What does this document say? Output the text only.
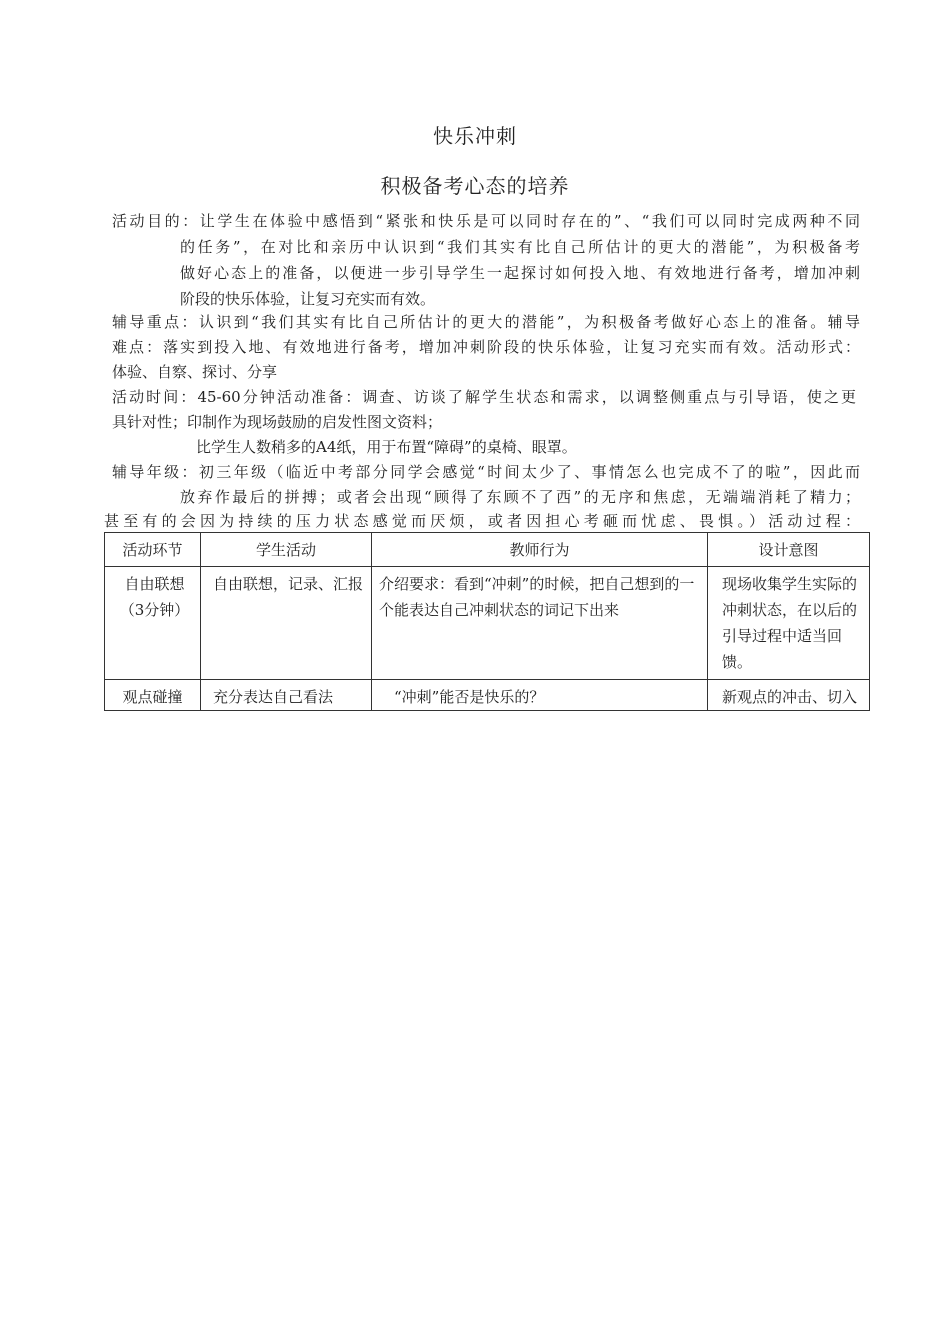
快乐冲刺
积极备考心态的培养
活动目的：让学生在体验中感悟到“紧张和快乐是可以同时存在的”、“我们可以同时完成两种不同
的任务”，在对比和亲历中认识到“我们其实有比自己所估计的更大的潜能”，为积极备考
做好心态上的准备，以便进一步引导学生一起探讨如何投入地、有效地进行备考，增加冲刺
阶段的快乐体验，让复习充实而有效。
辅导重点：认识到“我们其实有比自己所估计的更大的潜能”，为积极备考做好心态上的准备。辅导
难点：落实到投入地、有效地进行备考，增加冲刺阶段的快乐体验，让复习充实而有效。活动形式：
体验、自察、探讨、分享
活动时间：45-60分钟活动准备：调查、访谈了解学生状态和需求，以调整侧重点与引导语，使之更
具针对性；印制作为现场鼓励的启发性图文资料；
比学生人数稍多的A4纸，用于布置“障碍”的桌椅、眼罩。
辅导年级：初三年级（临近中考部分同学会感觉“时间太少了、事情怎么也完成不了的啦”，因此而
放弃作最后的拼搏；或者会出现“顾得了东顾不了西”的无序和焦虑，无端端消耗了精力；
甚至有的会因为持续的压力状态感觉而厌烦，或者因担心考砸而忧虑、畏惧。）活动过程：
活动环节	学生活动	教师行为	设计意图
自由联想（3分钟）	自由联想，记录、汇报	介绍要求：看到“冲刺”的时候，把自己想到的一个能表达自己冲刺状态的词记下出来	现场收集学生实际的冲刺状态，在以后的引导过程中适当回馈。

观点碰撞	充分表达自己看法	“冲刺”能否是快乐的？	新观点的冲击、切入
